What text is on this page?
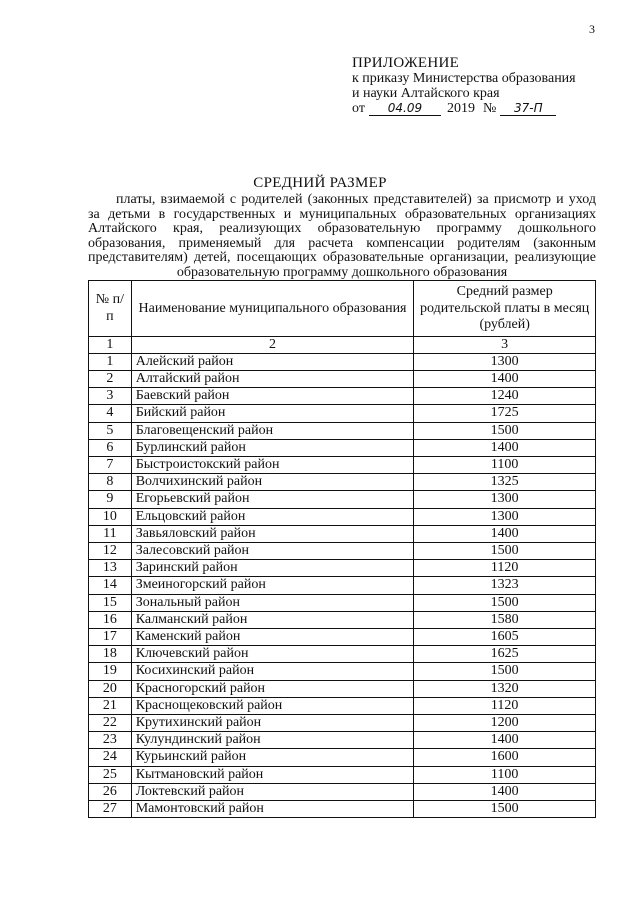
3
ПРИЛОЖЕНИЕ
к приказу Министерства образования
и науки Алтайского края
от	04.09	2019 №	37-П
СРЕДНИЙ РАЗМЕР
платы, взимаемой с родителей (законных представителей) за присмотр и уход за детьми в государственных и муниципальных образовательных организациях Алтайского края, реализующих образовательную программу дошкольного образования, применяемый для расчета компенсации родителям (законным представителям) детей, посещающих образовательные организации, реализующие образовательную программу дошкольного образования
№ п/п	Наименование муниципального образования	Средний размер родительской платы в месяц (рублей)
1	2	3
1	Алейский район	1300
2	Алтайский район	1400
3	Баевский район	1240
4	Бийский район	1725
5	Благовещенский район	1500
6	Бурлинский район	1400
7	Быстроистокский район	1100
8	Волчихинский район	1325
9	Егорьевский район	1300
10	Ельцовский район	1300
11	Завьяловский район	1400
12	Залесовский район	1500
13	Заринский район	1120
14	Змеиногорский район	1323
15	Зональный район	1500
16	Калманский район	1580
17	Каменский район	1605
18	Ключевский район	1625
19	Косихинский район	1500
20	Красногорский район	1320
21	Краснощековский район	1120
22	Крутихинский район	1200
23	Кулундинский район	1400
24	Курьинский район	1600
25	Кытмановский район	1100
26	Локтевский район	1400
27	Мамонтовский район	1500
